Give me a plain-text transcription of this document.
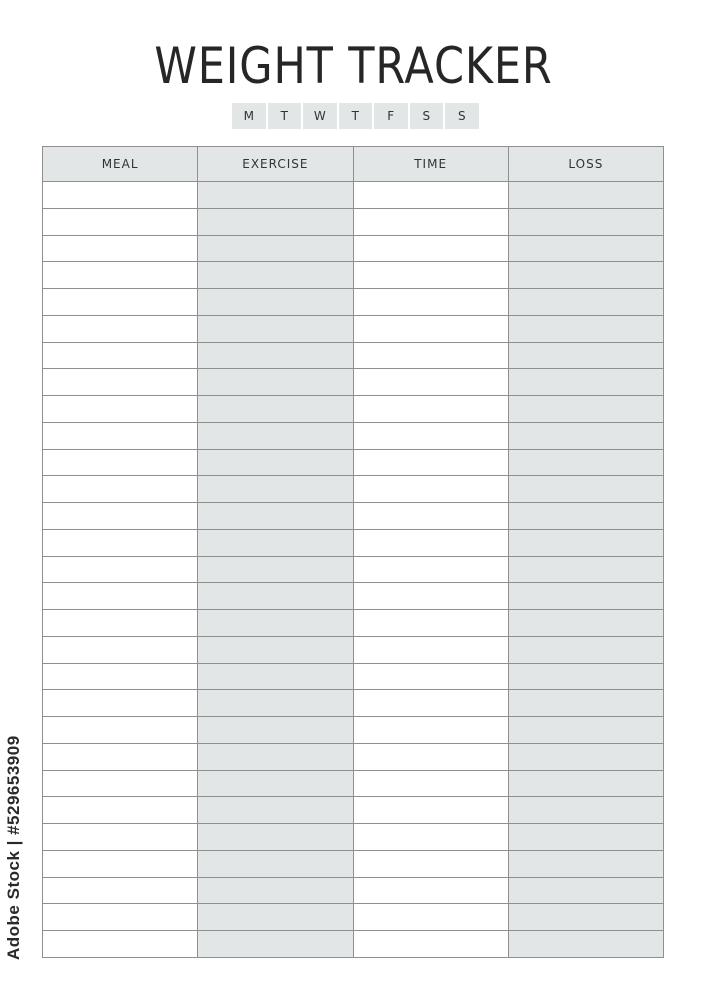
WEIGHT TRACKER
M	T	W	T	F	S	S
MEAL	EXERCISE	TIME	LOSS

Adobe Stock | #529653909
